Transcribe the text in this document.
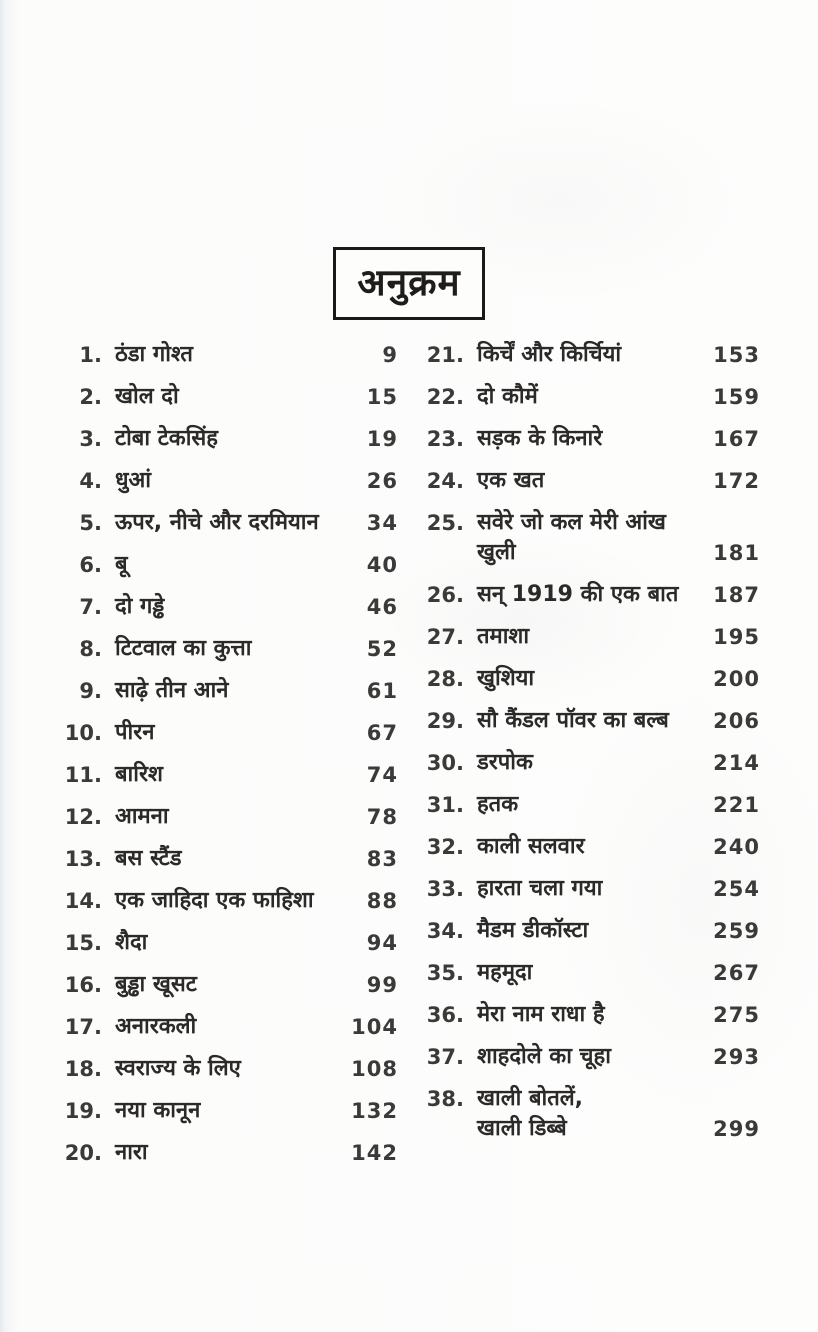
अनुक्रम
1. ठंडा गोश्त	9
2. खोल दो	15
3. टोबा टेकसिंह	19
4. धुआं	26
5. ऊपर, नीचे और दरमियान	34
6. बू	40
7. दो गड्ढे	46
8. टिटवाल का कुत्ता	52
9. साढ़े तीन आने	61
10. पीरन	67
11. बारिश	74
12. आमना	78
13. बस स्टैंड	83
14. एक जाहिदा एक फाहिशा	88
15. शैदा	94
16. बुड्ढा खूसट	99
17. अनारकली	104
18. स्वराज्य के लिए	108
19. नया कानून	132
20. नारा	142
21. किर्चें और किर्चियां	153
22. दो कौमें	159
23. सड़क के किनारे	167
24. एक खत	172
25. सवेरे जो कल मेरी आंख
खुली	181
26. सन् 1919 की एक बात	187
27. तमाशा	195
28. खुशिया	200
29. सौ कैंडल पॉवर का बल्ब	206
30. डरपोक	214
31. हतक	221
32. काली सलवार	240
33. हारता चला गया	254
34. मैडम डीकॉस्टा	259
35. महमूदा	267
36. मेरा नाम राधा है	275
37. शाहदोले का चूहा	293
38. खाली बोतलें,
खाली डिब्बे	299
